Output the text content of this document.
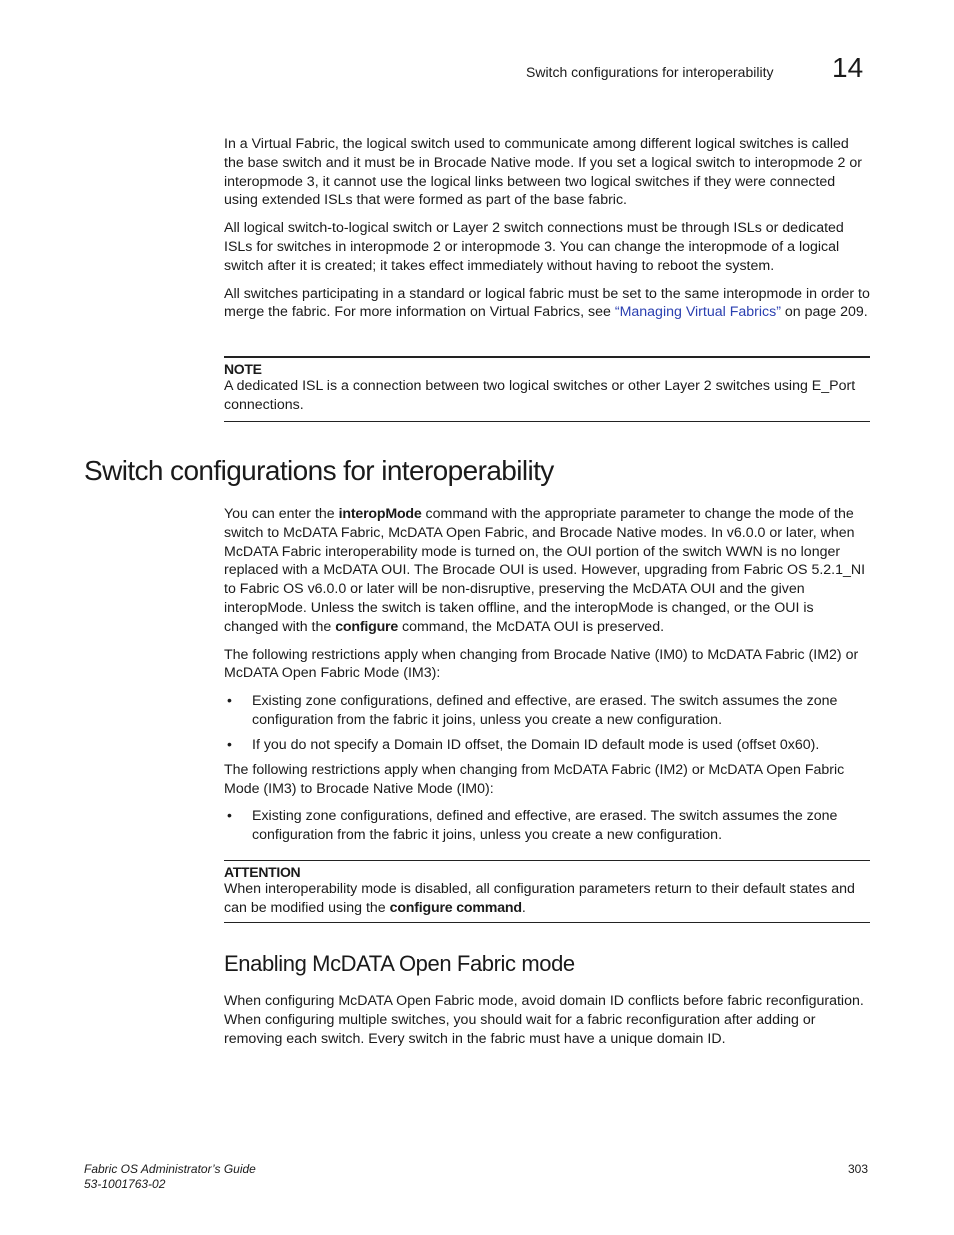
Switch configurations for interoperability	14

In a Virtual Fabric, the logical switch used to communicate among different logical switches is called the base switch and it must be in Brocade Native mode. If you set a logical switch to interopmode 2 or interopmode 3, it cannot use the logical links between two logical switches if they were connected using extended ISLs that were formed as part of the base fabric.

All logical switch-to-logical switch or Layer 2 switch connections must be through ISLs or dedicated ISLs for switches in interopmode 2 or interopmode 3. You can change the interopmode of a logical switch after it is created; it takes effect immediately without having to reboot the system.

All switches participating in a standard or logical fabric must be set to the same interopmode in order to merge the fabric. For more information on Virtual Fabrics, see “Managing Virtual Fabrics” on page 209.

NOTE

A dedicated ISL is a connection between two logical switches or other Layer 2 switches using E_Port connections.

Switch configurations for interoperability

You can enter the interopMode command with the appropriate parameter to change the mode of the switch to McDATA Fabric, McDATA Open Fabric, and Brocade Native modes. In v6.0.0 or later, when McDATA Fabric interoperability mode is turned on, the OUI portion of the switch WWN is no longer replaced with a McDATA OUI. The Brocade OUI is used. However, upgrading from Fabric OS 5.2.1_NI to Fabric OS v6.0.0 or later will be non-disruptive, preserving the McDATA OUI and the given interopMode. Unless the switch is taken offline, and the interopMode is changed, or the OUI is changed with the configure command, the McDATA OUI is preserved.

The following restrictions apply when changing from Brocade Native (IM0) to McDATA Fabric (IM2) or McDATA Open Fabric Mode (IM3):

• Existing zone configurations, defined and effective, are erased. The switch assumes the zone configuration from the fabric it joins, unless you create a new configuration.
• If you do not specify a Domain ID offset, the Domain ID default mode is used (offset 0x60).

The following restrictions apply when changing from McDATA Fabric (IM2) or McDATA Open Fabric Mode (IM3) to Brocade Native Mode (IM0):

• Existing zone configurations, defined and effective, are erased. The switch assumes the zone configuration from the fabric it joins, unless you create a new configuration.
ATTENTION

When interoperability mode is disabled, all configuration parameters return to their default states and can be modified using the configure command.

Enabling McDATA Open Fabric mode

When configuring McDATA Open Fabric mode, avoid domain ID conflicts before fabric reconfiguration. When configuring multiple switches, you should wait for a fabric reconfiguration after adding or removing each switch. Every switch in the fabric must have a unique domain ID.

Fabric OS Administrator’s Guide
53-1001763-02
303
